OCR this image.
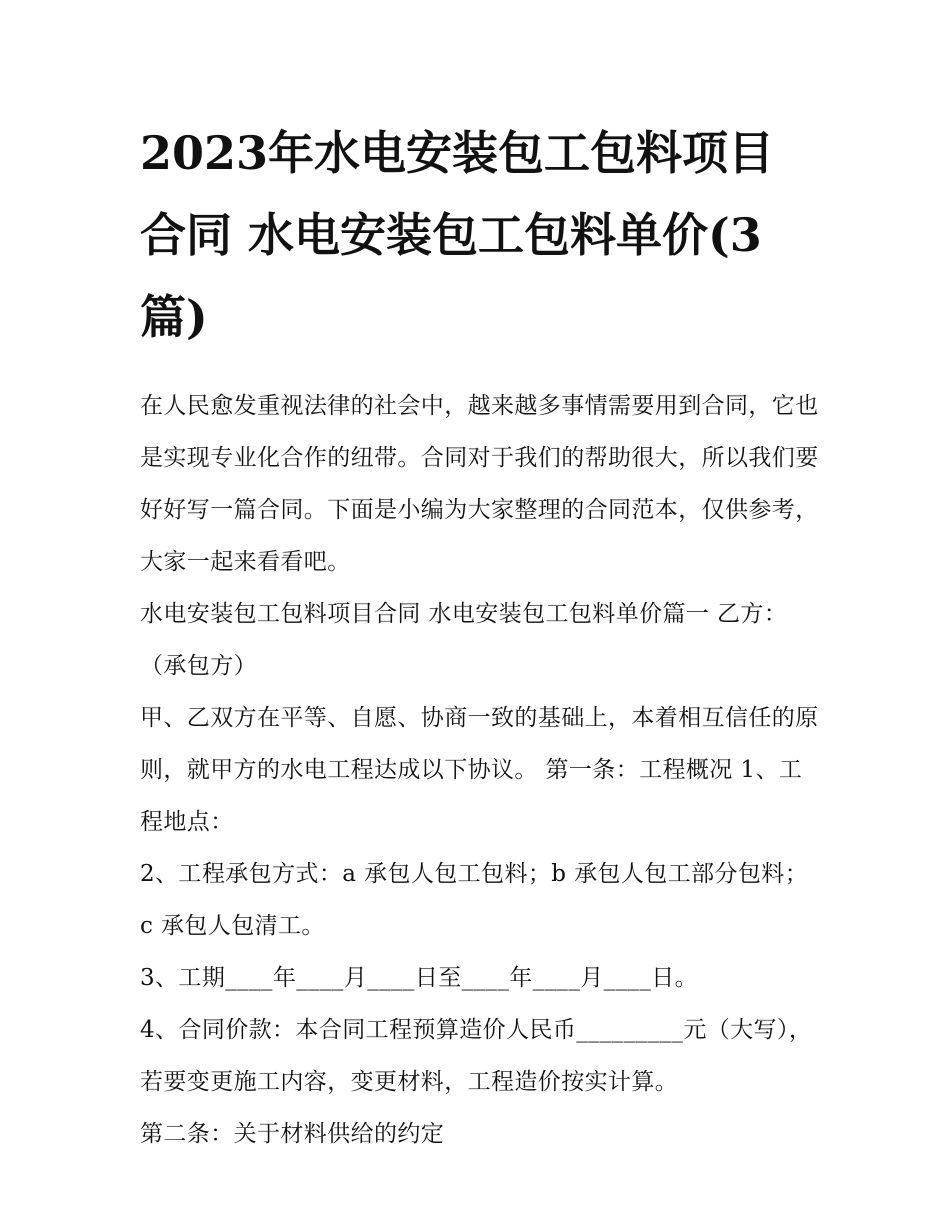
2023年水电安装包工包料项目合同 水电安装包工包料单价(3篇)

在人民愈发重视法律的社会中，越来越多事情需要用到合同，它也是实现专业化合作的纽带。合同对于我们的帮助很大，所以我们要好好写一篇合同。下面是小编为大家整理的合同范本，仅供参考，大家一起来看看吧。

水电安装包工包料项目合同 水电安装包工包料单价篇一 乙方：（承包方）

甲、乙双方在平等、自愿、协商一致的基础上，本着相互信任的原则，就甲方的水电工程达成以下协议。 第一条：工程概况 1、工程地点：

2、工程承包方式：a 承包人包工包料；b 承包人包工部分包料；c 承包人包清工。

3、工期____年____月____日至____年____月____日。

4、合同价款：本合同工程预算造价人民币_________元（大写），若要变更施工内容，变更材料，工程造价按实计算。

第二条：关于材料供给的约定
